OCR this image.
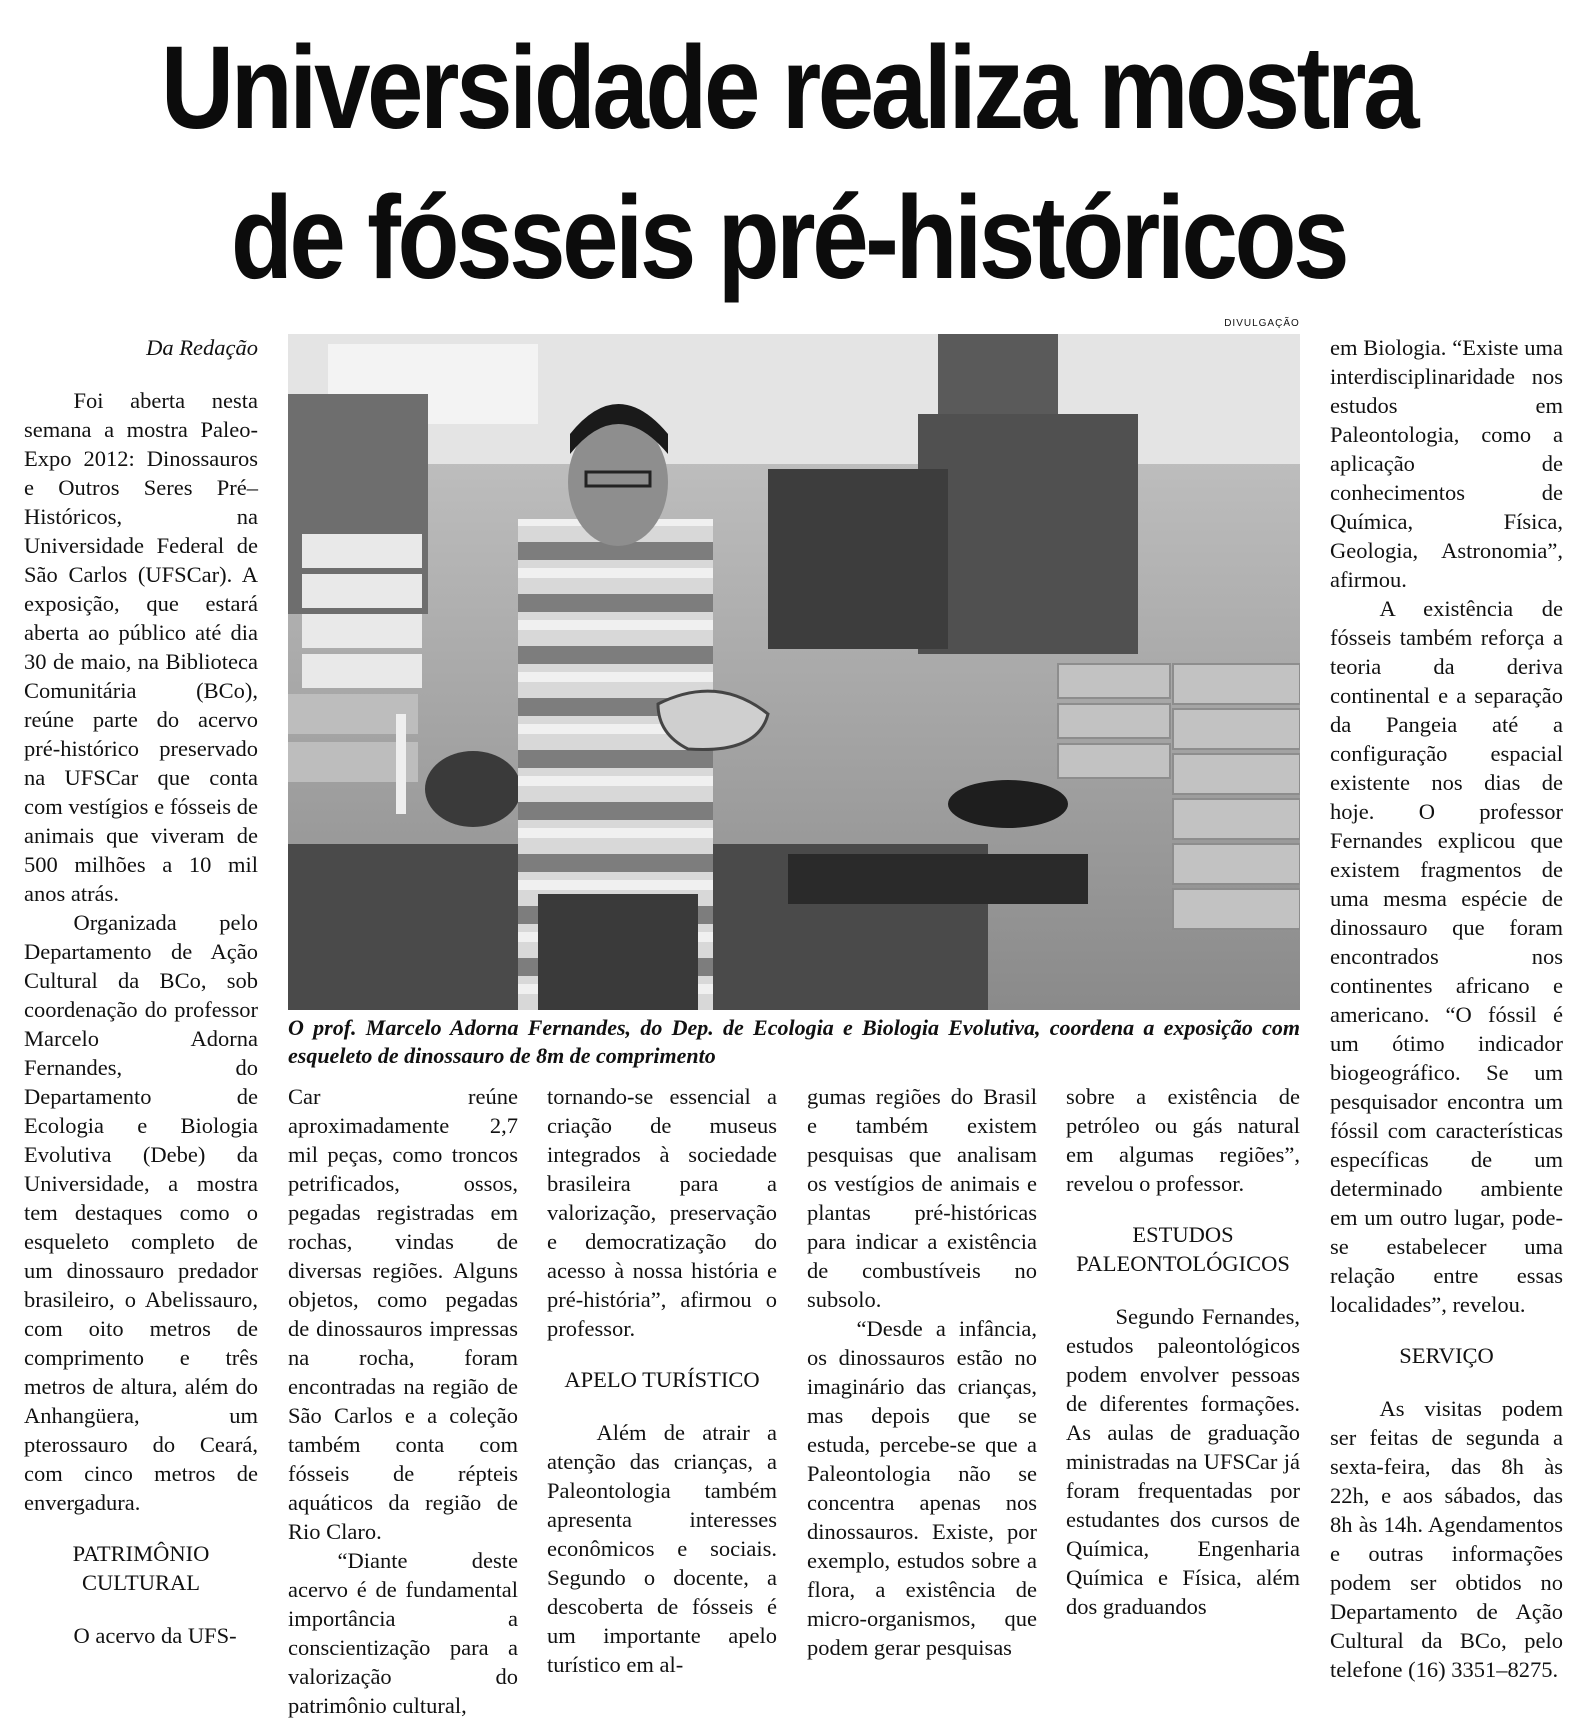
Universidade realiza mostra
de fósseis pré-históricos
DIVULGAÇÃO
O prof. Marcelo Adorna Fernandes, do Dep. de Ecologia e Biologia Evolutiva, coordena a exposição com esqueleto de dinossauro de 8m de comprimento

Da Redação

Foi aberta nesta semana a mostra Paleo-Expo 2012: Dinossauros e Outros Seres Pré–Históricos, na Universidade Federal de São Carlos (UFSCar). A exposição, que estará aberta ao público até dia 30 de maio, na Biblioteca Comunitária (BCo), reúne parte do acervo pré-histórico preservado na UFSCar que conta com vestígios e fósseis de animais que viveram de 500 milhões a 10 mil anos atrás.

Organizada pelo Departamento de Ação Cultural da BCo, sob coordenação do professor Marcelo Adorna Fernandes, do Departamento de Ecologia e Biologia Evolutiva (Debe) da Universidade, a mostra tem destaques como o esqueleto completo de um dinossauro predador brasileiro, o Abelissauro, com oito metros de comprimento e três metros de altura, além do Anhangüera, um pterossauro do Ceará, com cinco metros de envergadura.

PATRIMÔNIO CULTURAL

O acervo da UFS-

Car reúne aproximadamente 2,7 mil peças, como troncos petrificados, ossos, pegadas registradas em rochas, vindas de diversas regiões. Alguns objetos, como pegadas de dinossauros impressas na rocha, foram encontradas na região de São Carlos e a coleção também conta com fósseis de répteis aquáticos da região de Rio Claro.

“Diante deste acervo é de fundamental importância a conscientização para a valorização do patrimônio cultural,

tornando-se essencial a criação de museus integrados à sociedade brasileira para a valorização, preservação e democratização do acesso à nossa história e pré-história”, afirmou o professor.

APELO TURÍSTICO

Além de atrair a atenção das crianças, a Paleontologia também apresenta interesses econômicos e sociais. Segundo o docente, a descoberta de fósseis é um importante apelo turístico em al-

gumas regiões do Brasil e também existem pesquisas que analisam os vestígios de animais e plantas pré-históricas para indicar a existência de combustíveis no subsolo.

“Desde a infância, os dinossauros estão no imaginário das crianças, mas depois que se estuda, percebe-se que a Paleontologia não se concentra apenas nos dinossauros. Existe, por exemplo, estudos sobre a flora, a existência de micro-organismos, que podem gerar pesquisas

sobre a existência de petróleo ou gás natural em algumas regiões”, revelou o professor.

ESTUDOS PALEONTOLÓGICOS

Segundo Fernandes, estudos paleontológicos podem envolver pessoas de diferentes formações. As aulas de graduação ministradas na UFSCar já foram frequentadas por estudantes dos cursos de Química, Engenharia Química e Física, além dos graduandos

em Biologia. “Existe uma interdisciplinaridade nos estudos em Paleontologia, como a aplicação de conhecimentos de Química, Física, Geologia, Astronomia”, afirmou.

A existência de fósseis também reforça a teoria da deriva continental e a separação da Pangeia até a configuração espacial existente nos dias de hoje. O professor Fernandes explicou que existem fragmentos de uma mesma espécie de dinossauro que foram encontrados nos continentes africano e americano. “O fóssil é um ótimo indicador biogeográfico. Se um pesquisador encontra um fóssil com características específicas de um determinado ambiente em um outro lugar, pode-se estabelecer uma relação entre essas localidades”, revelou.

SERVIÇO

As visitas podem ser feitas de segunda a sexta-feira, das 8h às 22h, e aos sábados, das 8h às 14h. Agendamentos e outras informações podem ser obtidos no Departamento de Ação Cultural da BCo, pelo telefone (16) 3351–8275.
